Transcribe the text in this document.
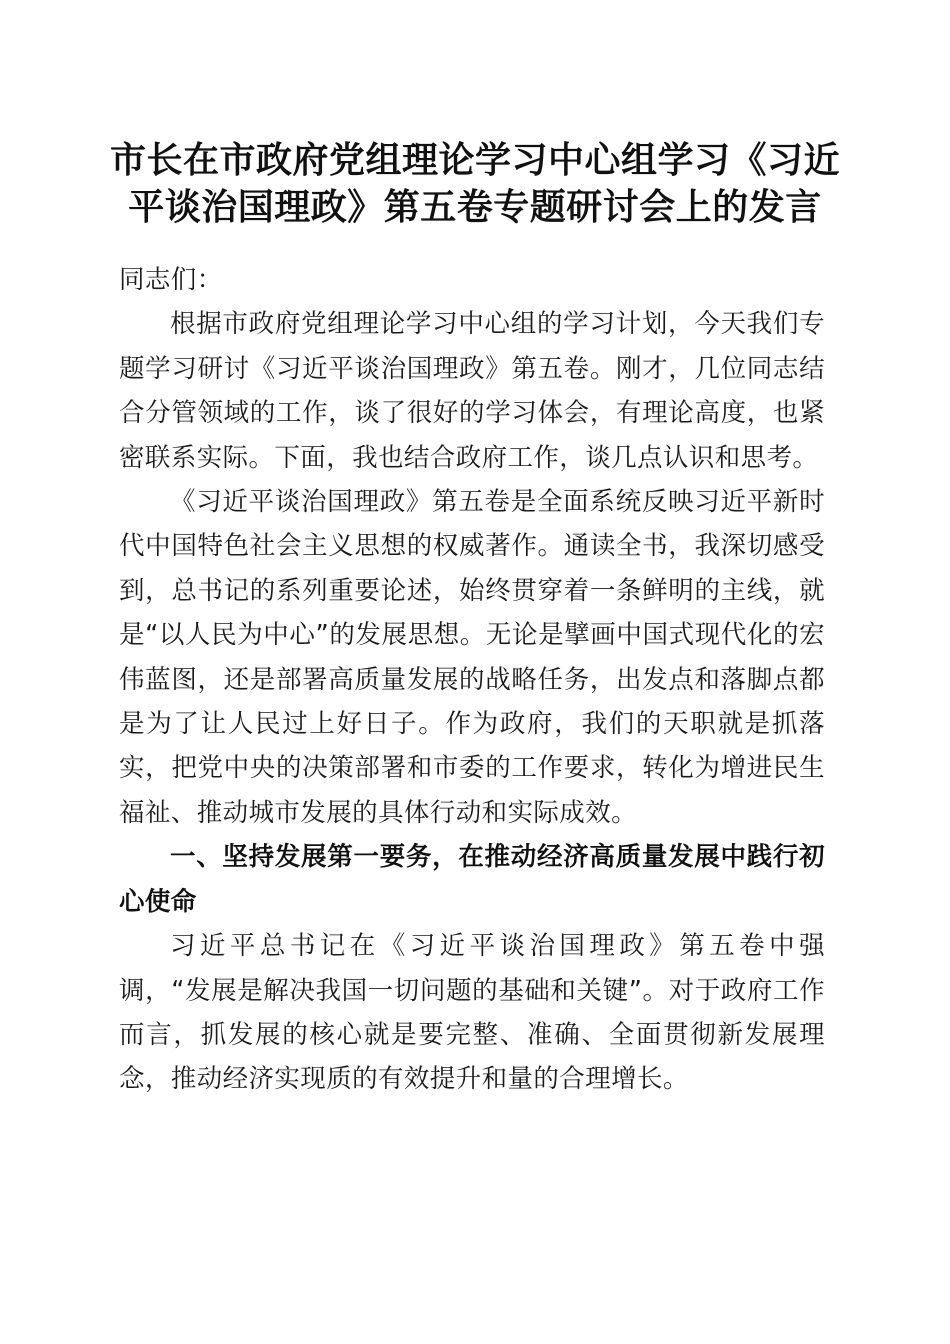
市长在市政府党组理论学习中心组学习《习近平谈治国理政》第五卷专题研讨会上的发言

同志们：

根据市政府党组理论学习中心组的学习计划，今天我们专题学习研讨《习近平谈治国理政》第五卷。刚才，几位同志结合分管领域的工作，谈了很好的学习体会，有理论高度，也紧密联系实际。下面，我也结合政府工作，谈几点认识和思考。

《习近平谈治国理政》第五卷是全面系统反映习近平新时代中国特色社会主义思想的权威著作。通读全书，我深切感受到，总书记的系列重要论述，始终贯穿着一条鲜明的主线，就是“以人民为中心”的发展思想。无论是擘画中国式现代化的宏伟蓝图，还是部署高质量发展的战略任务，出发点和落脚点都是为了让人民过上好日子。作为政府，我们的天职就是抓落实，把党中央的决策部署和市委的工作要求，转化为增进民生福祉、推动城市发展的具体行动和实际成效。

一、坚持发展第一要务，在推动经济高质量发展中践行初心使命

习近平总书记在《习近平谈治国理政》第五卷中强调，“发展是解决我国一切问题的基础和关键”。对于政府工作而言，抓发展的核心就是要完整、准确、全面贯彻新发展理念，推动经济实现质的有效提升和量的合理增长。
